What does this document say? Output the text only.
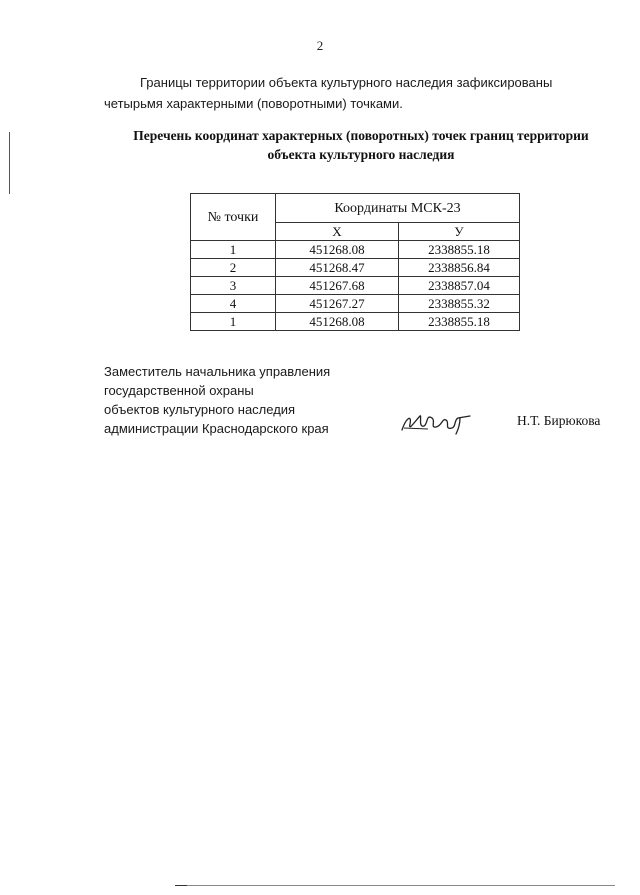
2

Границы территории объекта культурного наследия зафиксированы четырьмя характерными (поворотными) точками.

Перечень координат характерных (поворотных) точек границ территории
объекта культурного наследия
№ точки	Координаты МСК-23	
	Х	У
1	451268.08	2338855.18
2	451268.47	2338856.84
3	451267.68	2338857.04
4	451267.27	2338855.32
1	451268.08	2338855.18
Заместитель начальника управления
государственной охраны
объектов культурного наследия
администрации Краснодарского края
Н.Т. Бирюкова
